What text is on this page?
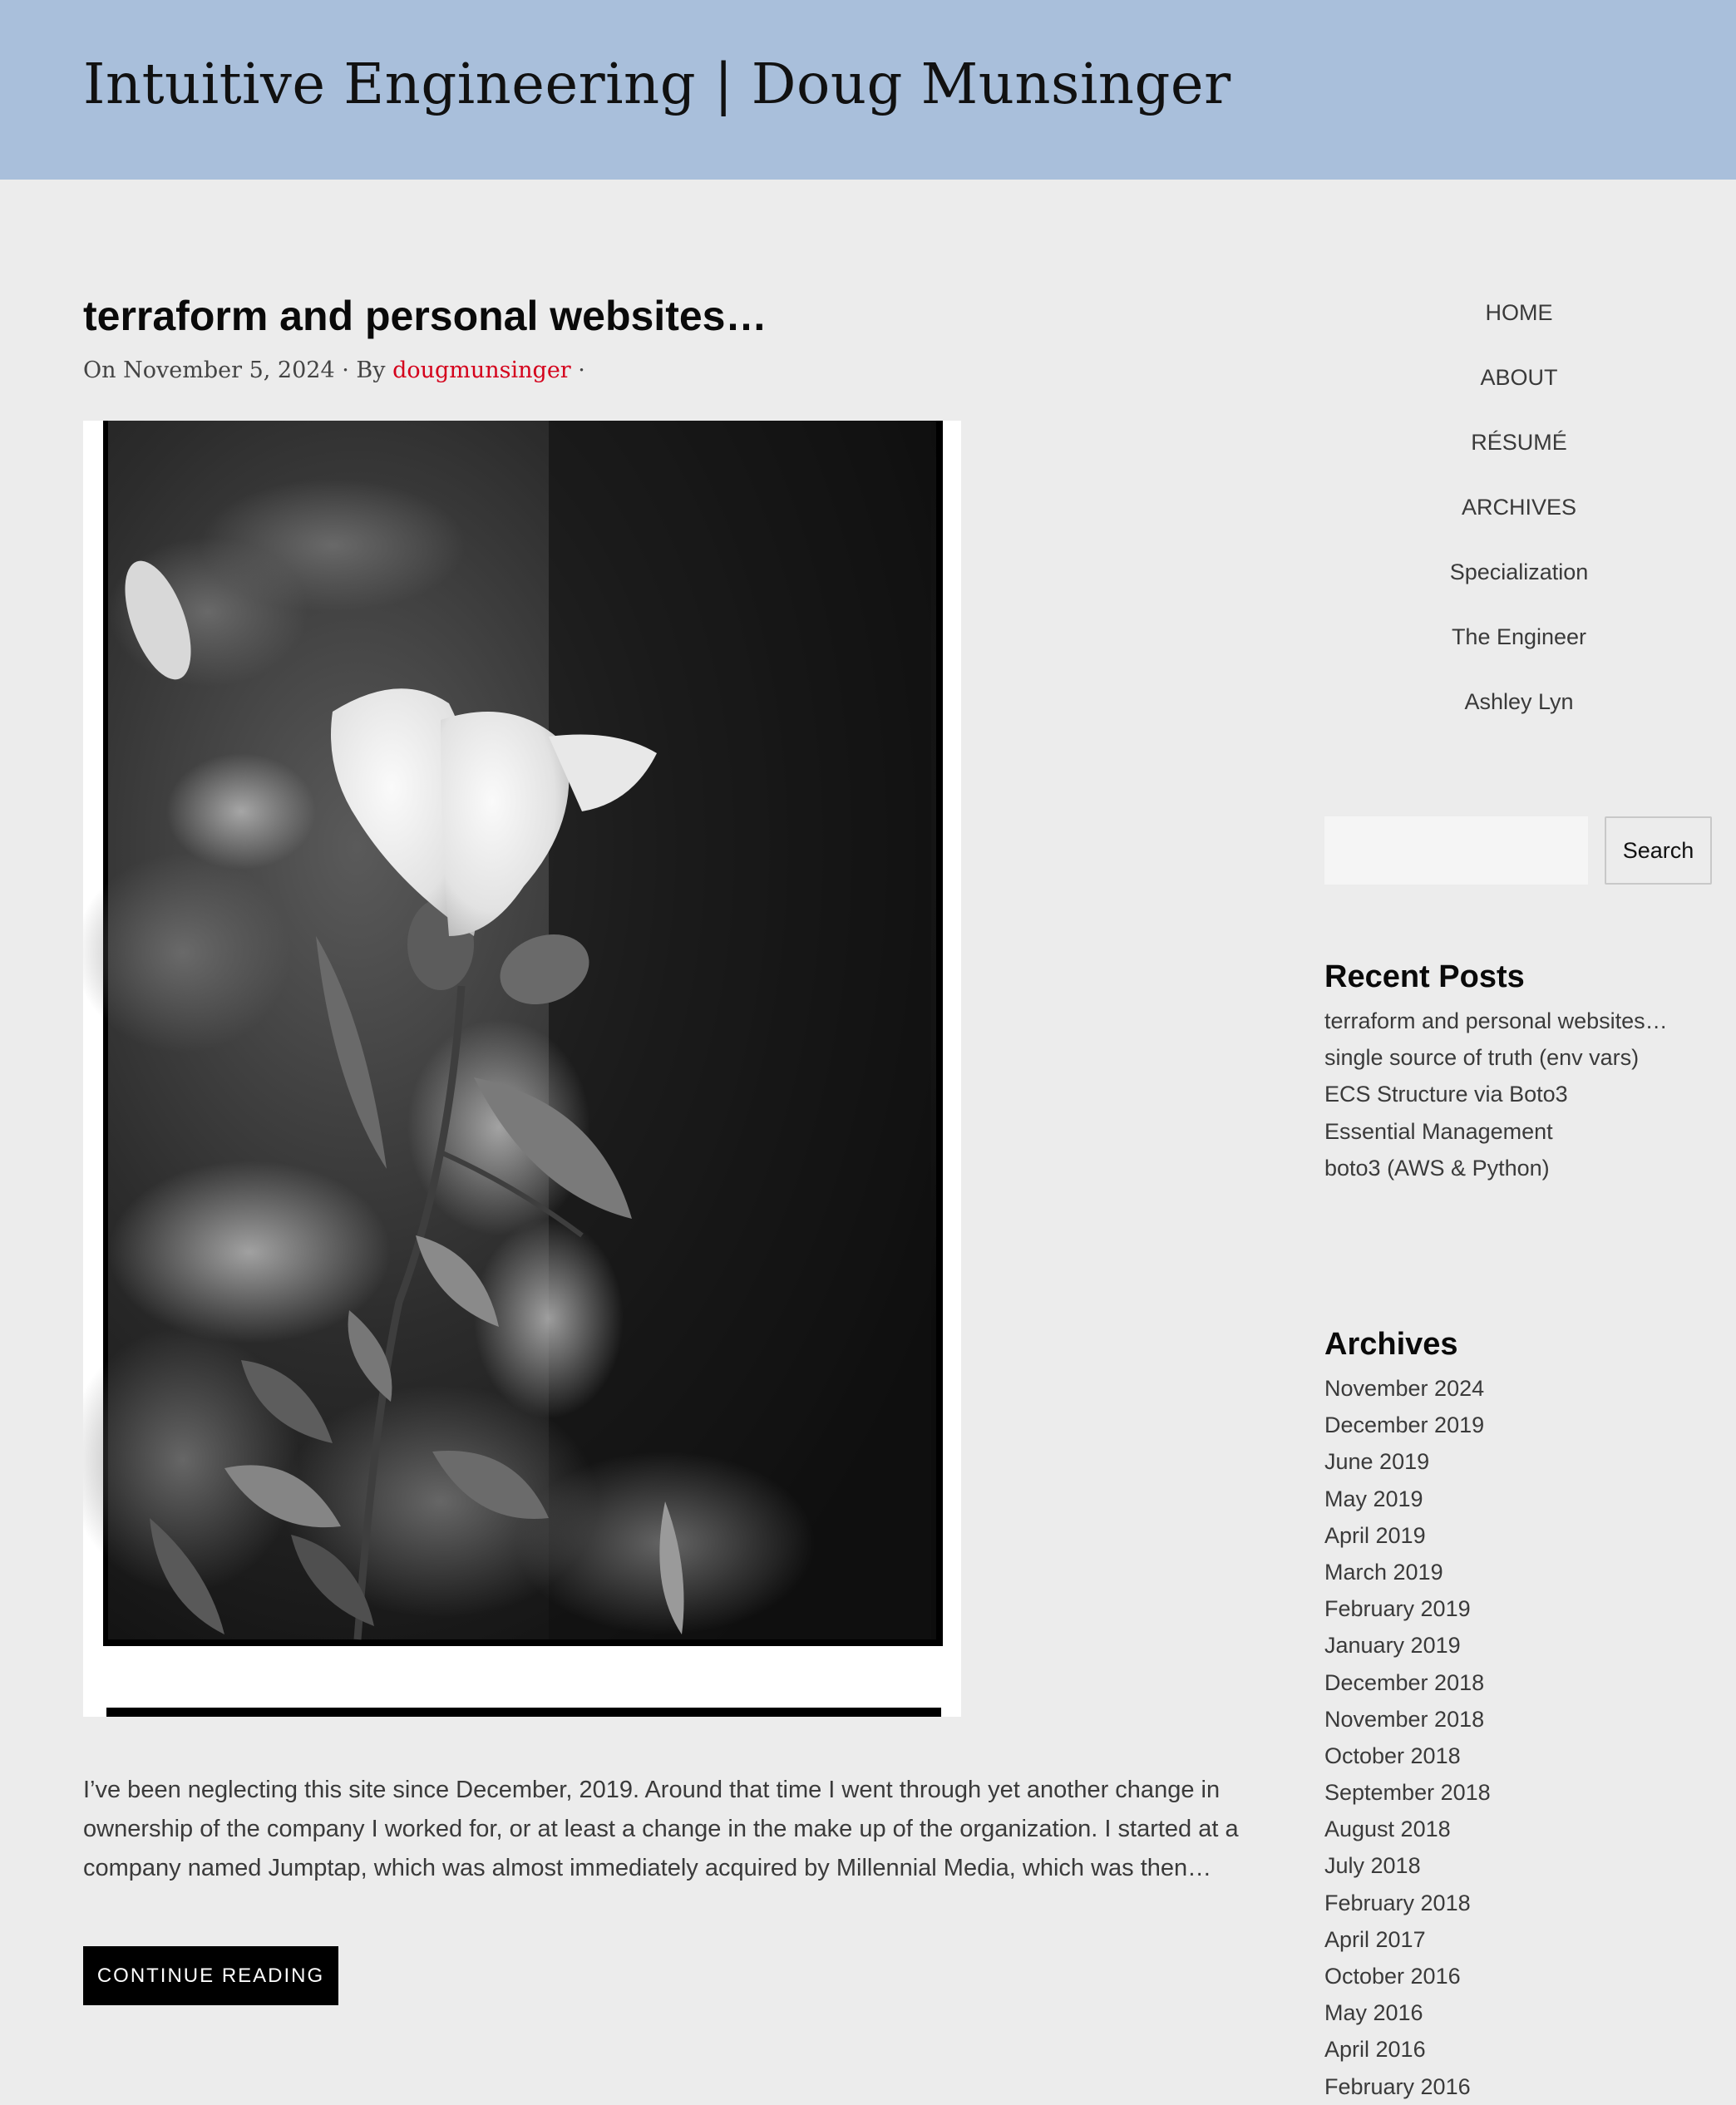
Intuitive Engineering | Doug Munsinger
terraform and personal websites…
On November 5, 2024 · By dougmunsinger ·

I’ve been neglecting this site since December, 2019. Around that time I went through yet another change in ownership of the company I worked for, or at least a change in the make up of the organization. I started at a company named Jumptap, which was almost immediately acquired by Millennial Media, which was then…

CONTINUE READING
HOME
ABOUT
RÉSUMÉ
ARCHIVES
Specialization
The Engineer
Ashley Lyn
Search
Recent Posts
terraform and personal websites…
single source of truth (env vars)
ECS Structure via Boto3
Essential Management
boto3 (AWS & Python)
Archives
November 2024
December 2019
June 2019
May 2019
April 2019
March 2019
February 2019
January 2019
December 2018
November 2018
October 2018
September 2018
August 2018
July 2018
February 2018
April 2017
October 2016
May 2016
April 2016
February 2016
